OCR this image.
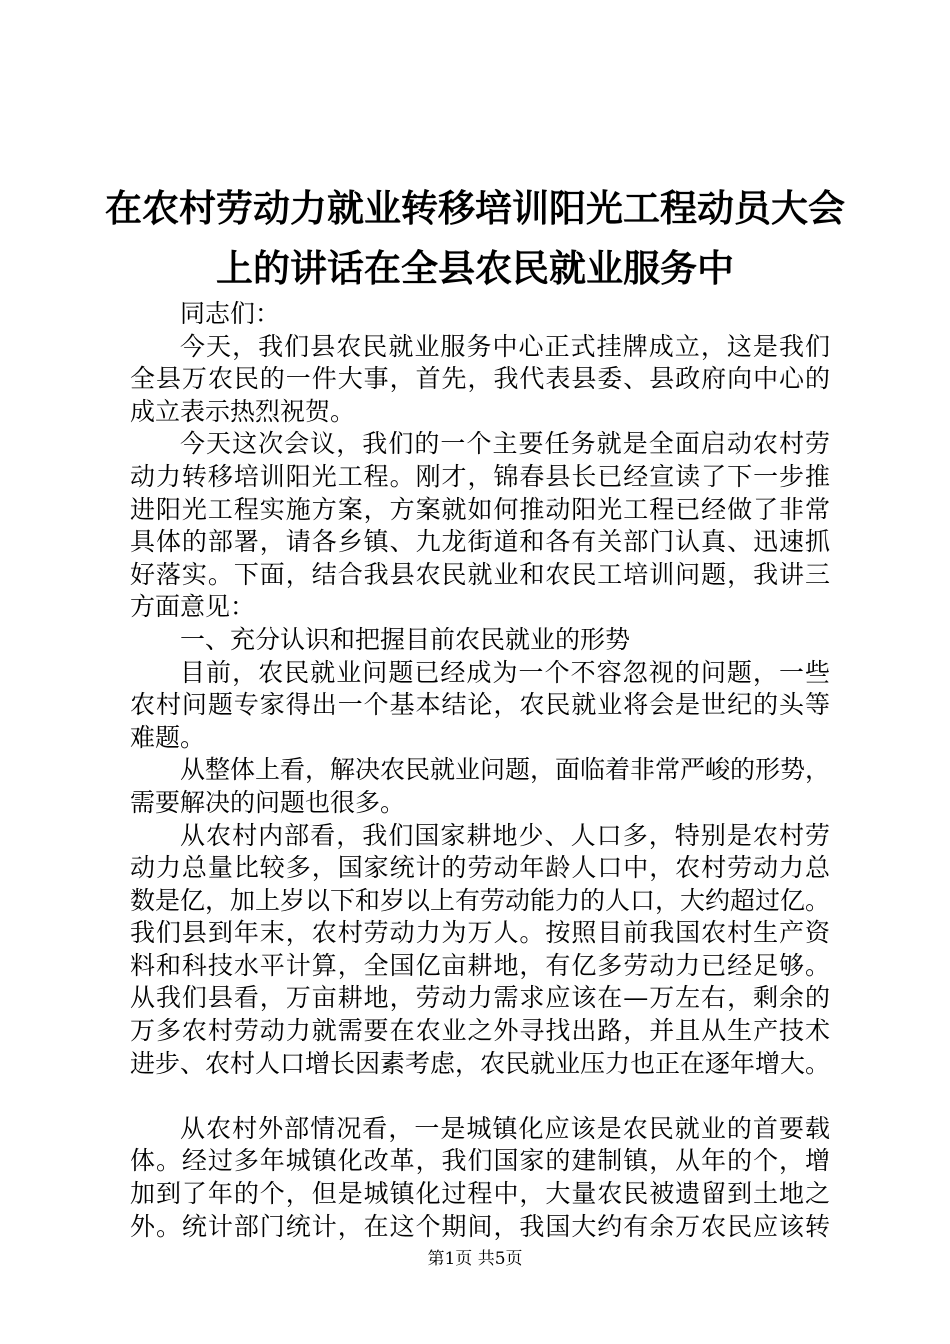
在农村劳动力就业转移培训阳光工程动员大会
上的讲话在全县农民就业服务中
同志们：
今天，我们县农民就业服务中心正式挂牌成立，这是我们
全县万农民的一件大事，首先，我代表县委、县政府向中心的
成立表示热烈祝贺。
今天这次会议，我们的一个主要任务就是全面启动农村劳
动力转移培训阳光工程。刚才，锦春县长已经宣读了下一步推
进阳光工程实施方案，方案就如何推动阳光工程已经做了非常
具体的部署，请各乡镇、九龙街道和各有关部门认真、迅速抓
好落实。下面，结合我县农民就业和农民工培训问题，我讲三
方面意见：
一、充分认识和把握目前农民就业的形势
目前，农民就业问题已经成为一个不容忽视的问题，一些
农村问题专家得出一个基本结论，农民就业将会是世纪的头等
难题。
从整体上看，解决农民就业问题，面临着非常严峻的形势，
需要解决的问题也很多。
从农村内部看，我们国家耕地少、人口多，特别是农村劳
动力总量比较多，国家统计的劳动年龄人口中，农村劳动力总
数是亿，加上岁以下和岁以上有劳动能力的人口，大约超过亿。
我们县到年末，农村劳动力为万人。按照目前我国农村生产资
料和科技水平计算，全国亿亩耕地，有亿多劳动力已经足够。
从我们县看，万亩耕地，劳动力需求应该在—万左右，剩余的
万多农村劳动力就需要在农业之外寻找出路，并且从生产技术
进步、农村人口增长因素考虑，农民就业压力也正在逐年增大。
从农村外部情况看，一是城镇化应该是农民就业的首要载
体。经过多年城镇化改革，我们国家的建制镇，从年的个，增
加到了年的个，但是城镇化过程中，大量农民被遗留到土地之
外。统计部门统计，在这个期间，我国大约有余万农民应该转
第1页 共5页
